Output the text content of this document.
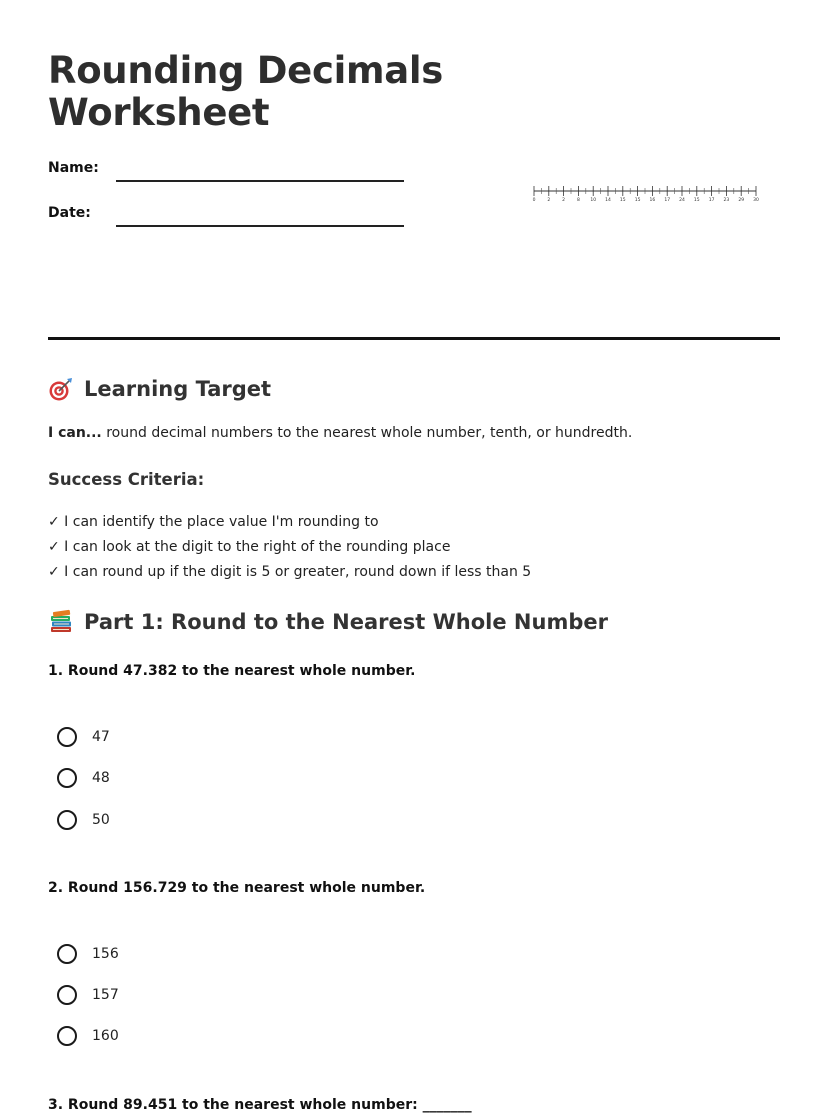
Rounding Decimals Worksheet
Name:
Date:
0	2	2	8 10 14 15 15 16 17 24 15 17 23 29 30
Learning Target
I can... round decimal numbers to the nearest whole number, tenth, or hundredth.
Success Criteria:
✓ I can identify the place value I'm rounding to
✓ I can look at the digit to the right of the rounding place
✓ I can round up if the digit is 5 or greater, round down if less than 5
Part 1: Round to the Nearest Whole Number

1. Round 47.382 to the nearest whole number.

47
48
50

2. Round 156.729 to the nearest whole number.

156
157
160

3. Round 89.451 to the nearest whole number: _______
